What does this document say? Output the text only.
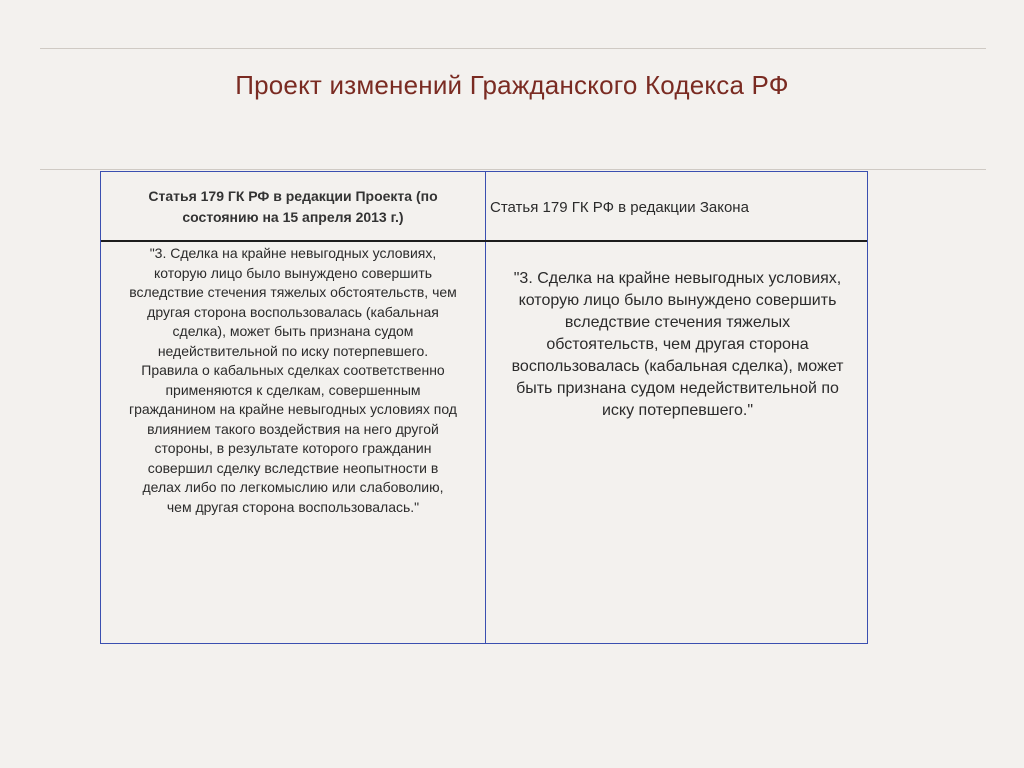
Проект изменений Гражданского Кодекса РФ
Статья 179 ГК РФ в редакции Проекта (по состоянию на 15 апреля 2013 г.)
Статья 179 ГК РФ в редакции Закона
"3. Сделка на крайне невыгодных условиях,
которую лицо было вынуждено совершить
вследствие стечения тяжелых обстоятельств, чем
другая сторона воспользовалась (кабальная
сделка), может быть признана судом
недействительной по иску потерпевшего.
Правила о кабальных сделках соответственно
применяются к сделкам, совершенным
гражданином на крайне невыгодных условиях под
влиянием такого воздействия на него другой
стороны, в результате которого гражданин
совершил сделку вследствие неопытности в
делах либо по легкомыслию или слабоволию,
чем другая сторона воспользовалась."
"3. Сделка на крайне невыгодных условиях,
которую лицо было вынуждено совершить
вследствие стечения тяжелых
обстоятельств, чем другая сторона
воспользовалась (кабальная сделка), может
быть признана судом недействительной по
иску потерпевшего."
